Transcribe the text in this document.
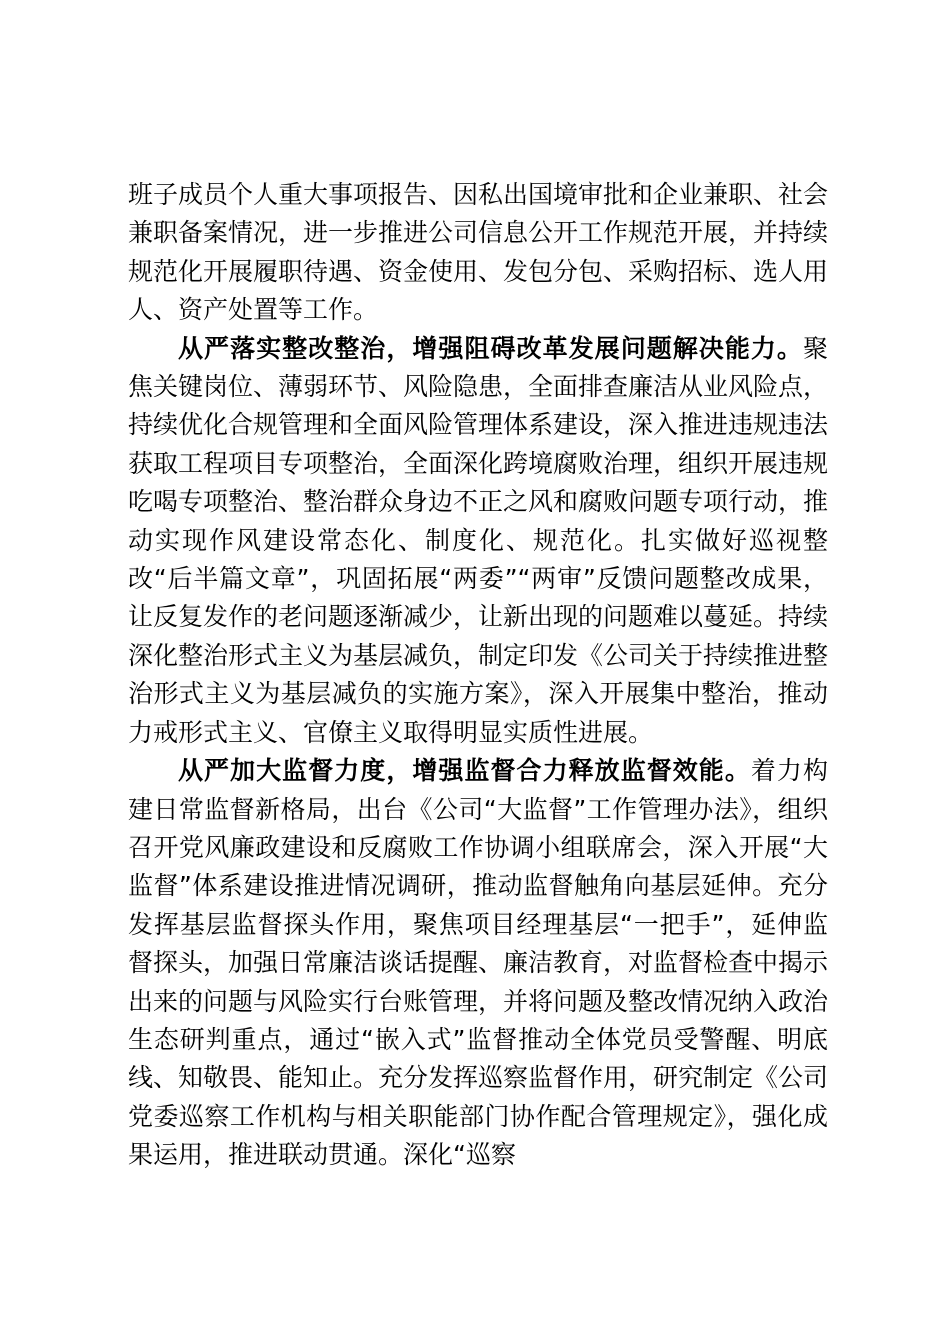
班子成员个人重大事项报告、因私出国境审批和企业兼职、社会兼职备案情况，进一步推进公司信息公开工作规范开展，并持续规范化开展履职待遇、资金使用、发包分包、采购招标、选人用人、资产处置等工作。

从严落实整改整治，增强阻碍改革发展问题解决能力。聚焦关键岗位、薄弱环节、风险隐患，全面排查廉洁从业风险点，持续优化合规管理和全面风险管理体系建设，深入推进违规违法获取工程项目专项整治，全面深化跨境腐败治理，组织开展违规吃喝专项整治、整治群众身边不正之风和腐败问题专项行动，推动实现作风建设常态化、制度化、规范化。扎实做好巡视整改“后半篇文章”，巩固拓展“两委”“两审”反馈问题整改成果，让反复发作的老问题逐渐减少，让新出现的问题难以蔓延。持续深化整治形式主义为基层减负，制定印发《公司关于持续推进整治形式主义为基层减负的实施方案》，深入开展集中整治，推动力戒形式主义、官僚主义取得明显实质性进展。

从严加大监督力度，增强监督合力释放监督效能。着力构建日常监督新格局，出台《公司“大监督”工作管理办法》，组织召开党风廉政建设和反腐败工作协调小组联席会，深入开展“大监督”体系建设推进情况调研，推动监督触角向基层延伸。充分发挥基层监督探头作用，聚焦项目经理基层“一把手”，延伸监督探头，加强日常廉洁谈话提醒、廉洁教育，对监督检查中揭示出来的问题与风险实行台账管理，并将问题及整改情况纳入政治生态研判重点，通过“嵌入式”监督推动全体党员受警醒、明底线、知敬畏、能知止。充分发挥巡察监督作用，研究制定《公司党委巡察工作机构与相关职能部门协作配合管理规定》，强化成果运用，推进联动贯通。深化“巡察
